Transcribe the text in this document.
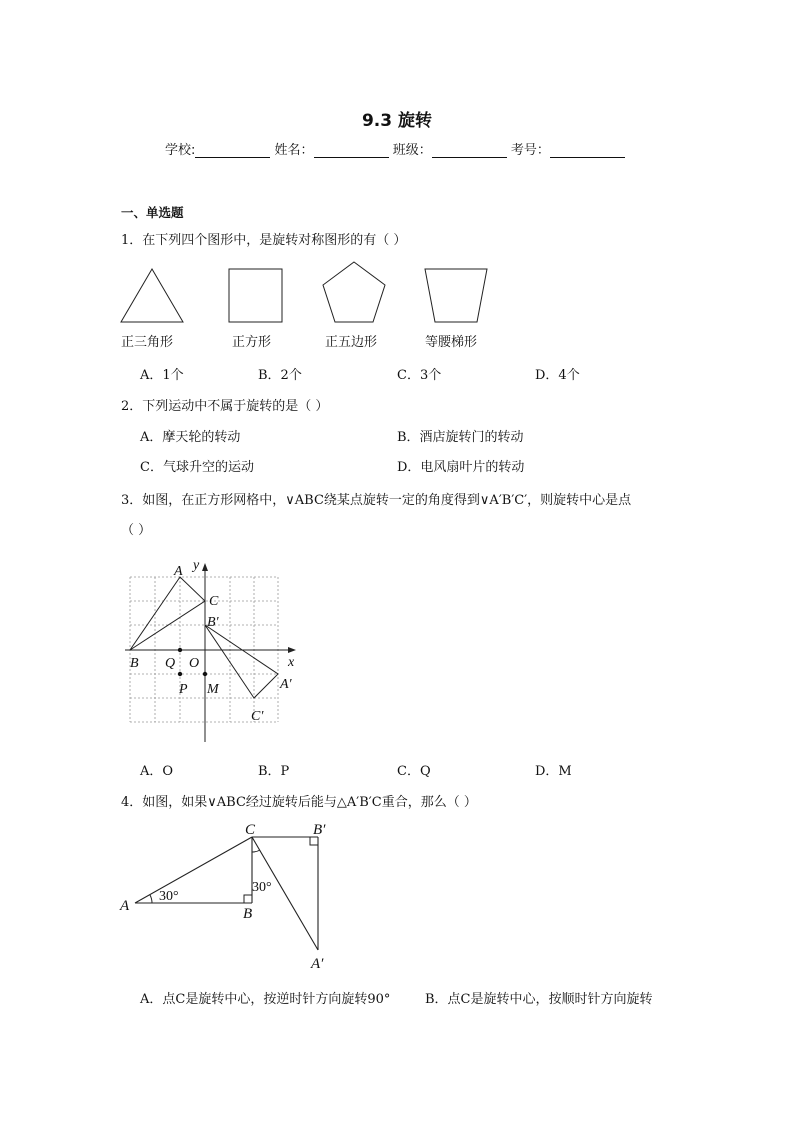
9.3 旋转
学校:	姓名：	班级：	考号：
一、单选题
1．在下列四个图形中，是旋转对称图形的有（ ）
正三角形	正方形	正五边形	等腰梯形
A．1个	B．2个	C．3个	D．4个
2．下列运动中不属于旋转的是（ ）
A．摩天轮的转动	B．酒店旋转门的转动
C．气球升空的运动	D．电风扇叶片的转动
3．如图，在正方形网格中，∨ABC绕某点旋转一定的角度得到∨A′B′C′，则旋转中心是点
（ ）
A
C
B′
B Q O	x
y
P M	A′
C′
A．O	B．P	C．Q	D．M
4．如图，如果∨ABC经过旋转后能与△A′B′C重合，那么（ ）
C	B′
A	B
A′
30°
30°
A．点C是旋转中心，按逆时针方向旋转90°	B．点C是旋转中心，按顺时针方向旋转
